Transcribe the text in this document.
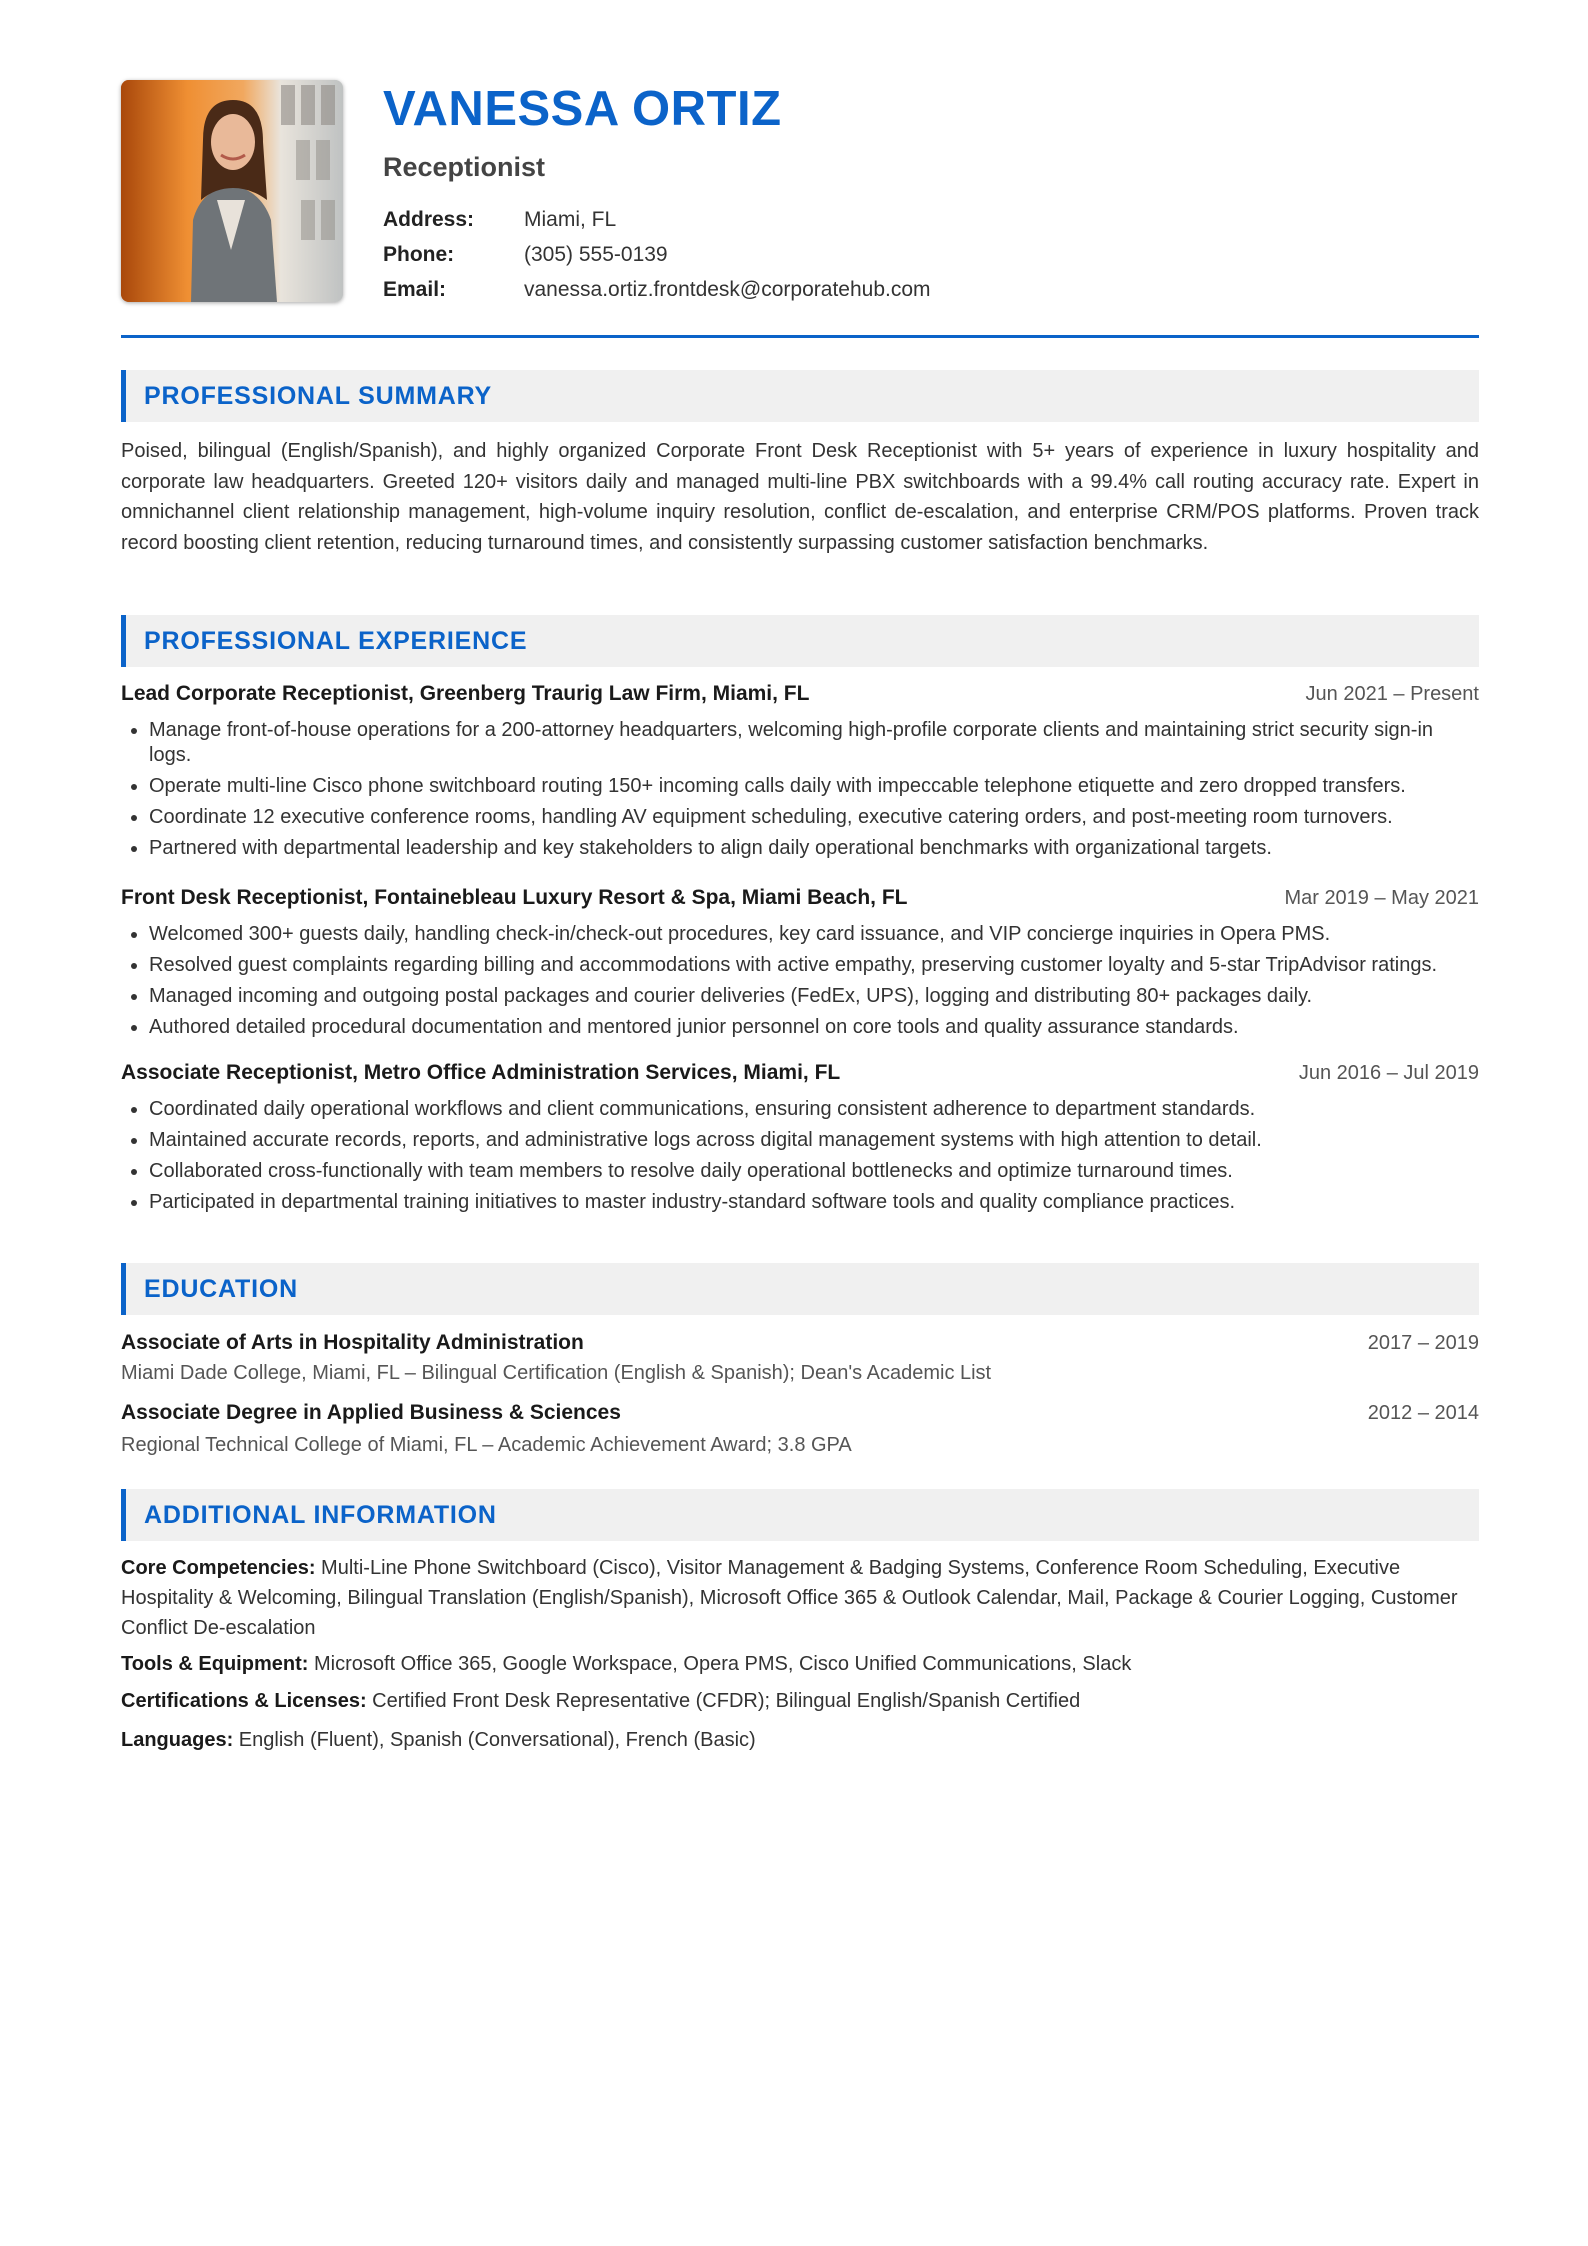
VANESSA ORTIZ
Receptionist
Address: Miami, FL
Phone:	(305) 555-0139
Email:	vanessa.ortiz.frontdesk@corporatehub.com
PROFESSIONAL SUMMARY
Poised, bilingual (English/Spanish), and highly organized Corporate Front Desk Receptionist with 5+ years of experience in luxury hospitality and corporate law headquarters. Greeted 120+ visitors daily and managed multi-line PBX switchboards with a 99.4% call routing accuracy rate. Expert in omnichannel client relationship management, high-volume inquiry resolution, conflict de-escalation, and enterprise CRM/POS platforms. Proven track record boosting client retention, reducing turnaround times, and consistently surpassing customer satisfaction benchmarks.
PROFESSIONAL EXPERIENCE
Lead Corporate Receptionist, Greenberg Traurig Law Firm, Miami, FL	Jun 2021 – Present
Manage front-of-house operations for a 200-attorney headquarters, welcoming high-profile corporate clients and maintaining strict security sign-in logs.
Operate multi-line Cisco phone switchboard routing 150+ incoming calls daily with impeccable telephone etiquette and zero dropped transfers.
Coordinate 12 executive conference rooms, handling AV equipment scheduling, executive catering orders, and post-meeting room turnovers.
Partnered with departmental leadership and key stakeholders to align daily operational benchmarks with organizational targets.
Front Desk Receptionist, Fontainebleau Luxury Resort & Spa, Miami Beach, FL	Mar 2019 – May 2021
Welcomed 300+ guests daily, handling check-in/check-out procedures, key card issuance, and VIP concierge inquiries in Opera PMS.
Resolved guest complaints regarding billing and accommodations with active empathy, preserving customer loyalty and 5-star TripAdvisor ratings.
Managed incoming and outgoing postal packages and courier deliveries (FedEx, UPS), logging and distributing 80+ packages daily.
Authored detailed procedural documentation and mentored junior personnel on core tools and quality assurance standards.
Associate Receptionist, Metro Office Administration Services, Miami, FL	Jun 2016 – Jul 2019
Coordinated daily operational workflows and client communications, ensuring consistent adherence to department standards.
Maintained accurate records, reports, and administrative logs across digital management systems with high attention to detail.
Collaborated cross-functionally with team members to resolve daily operational bottlenecks and optimize turnaround times.
Participated in departmental training initiatives to master industry-standard software tools and quality compliance practices.
EDUCATION
Associate of Arts in Hospitality Administration	2017 – 2019
Miami Dade College, Miami, FL – Bilingual Certification (English & Spanish); Dean's Academic List
Associate Degree in Applied Business & Sciences	2012 – 2014
Regional Technical College of Miami, FL – Academic Achievement Award; 3.8 GPA
ADDITIONAL INFORMATION
Core Competencies: Multi-Line Phone Switchboard (Cisco), Visitor Management & Badging Systems, Conference Room Scheduling, Executive Hospitality & Welcoming, Bilingual Translation (English/Spanish), Microsoft Office 365 & Outlook Calendar, Mail, Package & Courier Logging, Customer Conflict De-escalation
Tools & Equipment: Microsoft Office 365, Google Workspace, Opera PMS, Cisco Unified Communications, Slack
Certifications & Licenses: Certified Front Desk Representative (CFDR); Bilingual English/Spanish Certified
Languages: English (Fluent), Spanish (Conversational), French (Basic)
